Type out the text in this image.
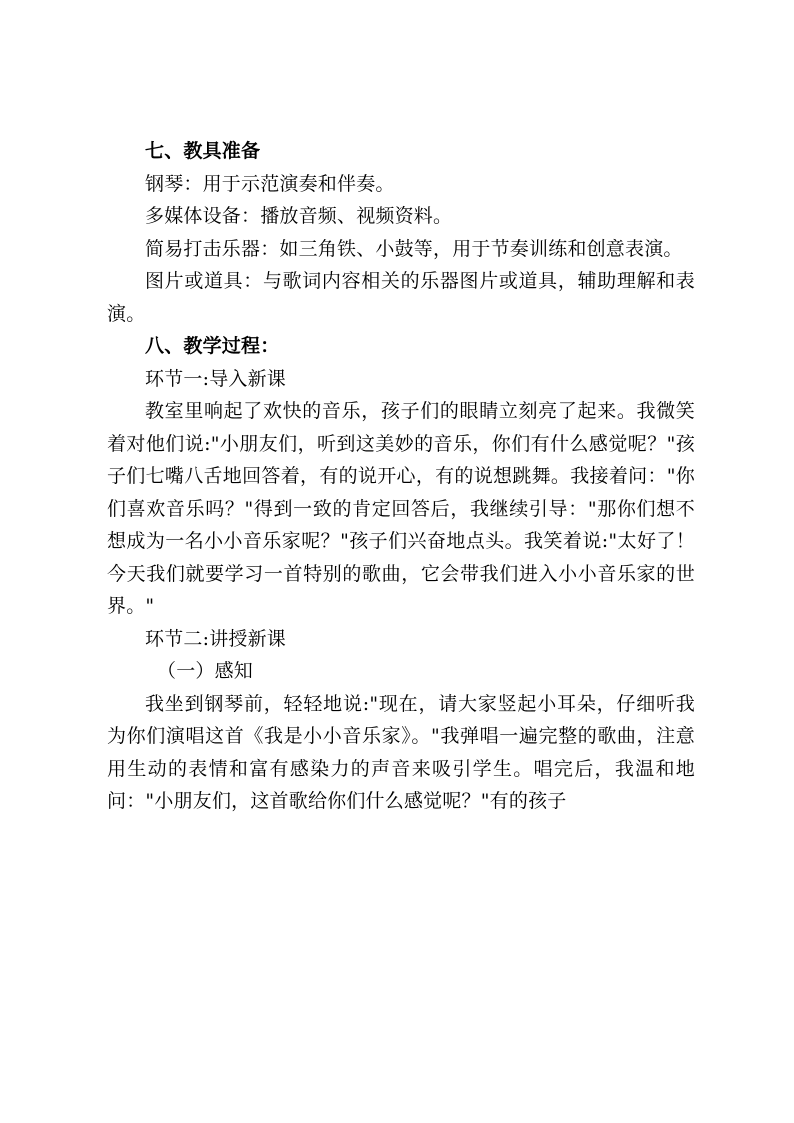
七、教具准备

钢琴：用于示范演奏和伴奏。

多媒体设备：播放音频、视频资料。

简易打击乐器：如三角铁、小鼓等，用于节奏训练和创意表演。

图片或道具：与歌词内容相关的乐器图片或道具，辅助理解和表演。

八、教学过程：

环节一:导入新课

教室里响起了欢快的音乐，孩子们的眼睛立刻亮了起来。我微笑着对他们说:"小朋友们，听到这美妙的音乐，你们有什么感觉呢？"孩子们七嘴八舌地回答着，有的说开心，有的说想跳舞。我接着问："你们喜欢音乐吗？"得到一致的肯定回答后，我继续引导："那你们想不想成为一名小小音乐家呢？"孩子们兴奋地点头。我笑着说:"太好了！今天我们就要学习一首特别的歌曲，它会带我们进入小小音乐家的世界。"

环节二:讲授新课

（一）感知

我坐到钢琴前，轻轻地说:"现在，请大家竖起小耳朵，仔细听我为你们演唱这首《我是小小音乐家》。"我弹唱一遍完整的歌曲，注意用生动的表情和富有感染力的声音来吸引学生。唱完后，我温和地问："小朋友们，这首歌给你们什么感觉呢？"有的孩子
